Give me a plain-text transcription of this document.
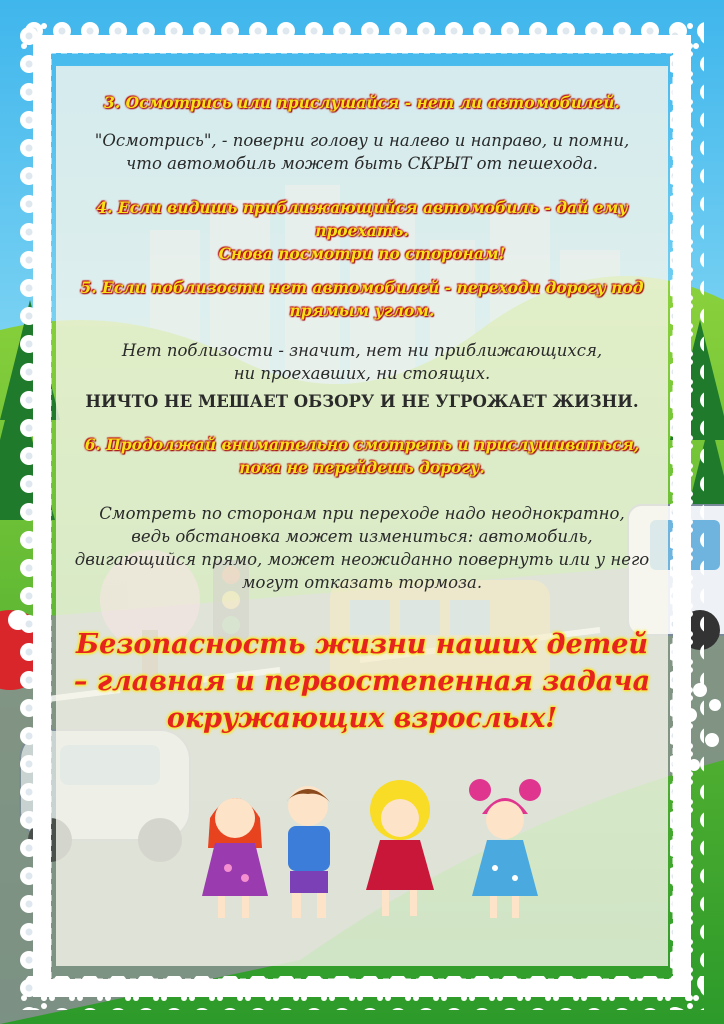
3. Осмотрись или прислушайся - нет ли автомобилей.

"Осмотрись", - поверни голову и налево и направо, и помни,
что автомобиль может быть СКРЫТ от пешехода.

4. Если видишь приближающийся автомобиль - дай ему проехать.
Снова посмотри по сторонам!

5. Если поблизости нет автомобилей - переходи дорогу под
прямым углом.

Нет поблизости - значит, нет ни приближающихся,
ни проехавших, ни стоящих.

НИЧТО НЕ МЕШАЕТ ОБЗОРУ И НЕ УГРОЖАЕТ ЖИЗНИ.

6. Продолжай внимательно смотреть и прислушиваться,
пока не перейдешь дорогу.

Смотреть по сторонам при переходе надо неоднократно,
ведь обстановка может измениться: автомобиль,
двигающийся прямо, может неожиданно повернуть или у него
могут отказать тормоза.

Безопасность жизни наших детей
– главная и первостепенная задача
окружающих взрослых!
